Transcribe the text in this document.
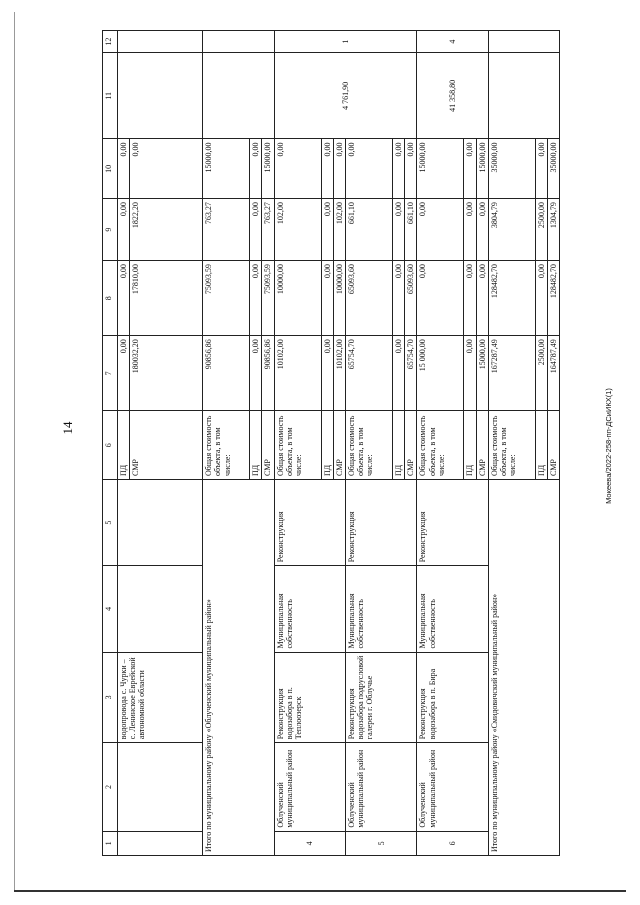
14	Мокеева/2022-258-пп-ДСиИКХ(1)
1	2	3	4	5	6	7	8	9	10	11	12
		водопровода с. Чурки – с. Ленинское Еврейской автономной области			ПД	0,00	0,00	0,00	0,00		
					СМР	180032,20	17810,00	1822,20	0,00		
Итого по муниципальному району «Облученский муниципальный район»					Общая стоимость объекта, в том числе:	90856,86	75093,59	763,27	15000,00		
					ПД	0,00	0,00	0,00	0,00		
					СМР	90856,86	75093,59	763,27	15000,00		
4	Облученский муниципальный район	Реконструкция водозабора в п. Теплоозерск	Муниципальная собственность	Реконструкция	Общая стоимость объекта, в том числе:	10102,00	10000,00	102,00	0,00	4 761,90	1
					ПД	0,00	0,00	0,00	0,00		
					СМР	10102,00	10000,00	102,00	0,00		
5	Облученский муниципальный район	Реконструкция водозабора подрусловой галереи г. Облучье	Муниципальная собственность	Реконструкция	Общая стоимость объекта, в том числе:	65754,70	65093,60	661,10	0,00		
					ПД	0,00	0,00	0,00	0,00		
					СМР	65754,70	65093,60	661,10	0,00		
6	Облученский муниципальный район	Реконструкция водозабора в п. Бира	Муниципальная собственность	Реконструкция	Общая стоимость объекта, в том числе:	15 000,00	0,00	0,00	15000,00	41 358,80	4
					ПД	0,00	0,00	0,00	0,00		
					СМР	15000,00	0,00	0,00	15000,00		
Итого по муниципальному району «Смидовичский муниципальный район»					Общая стоимость объекта, в том числе:	167287,49	128482,70	3804,79	35000,00		
					ПД	2500,00	0,00	2500,00	0,00		
					СМР	164787,49	128482,70	1304,79	35000,00		
